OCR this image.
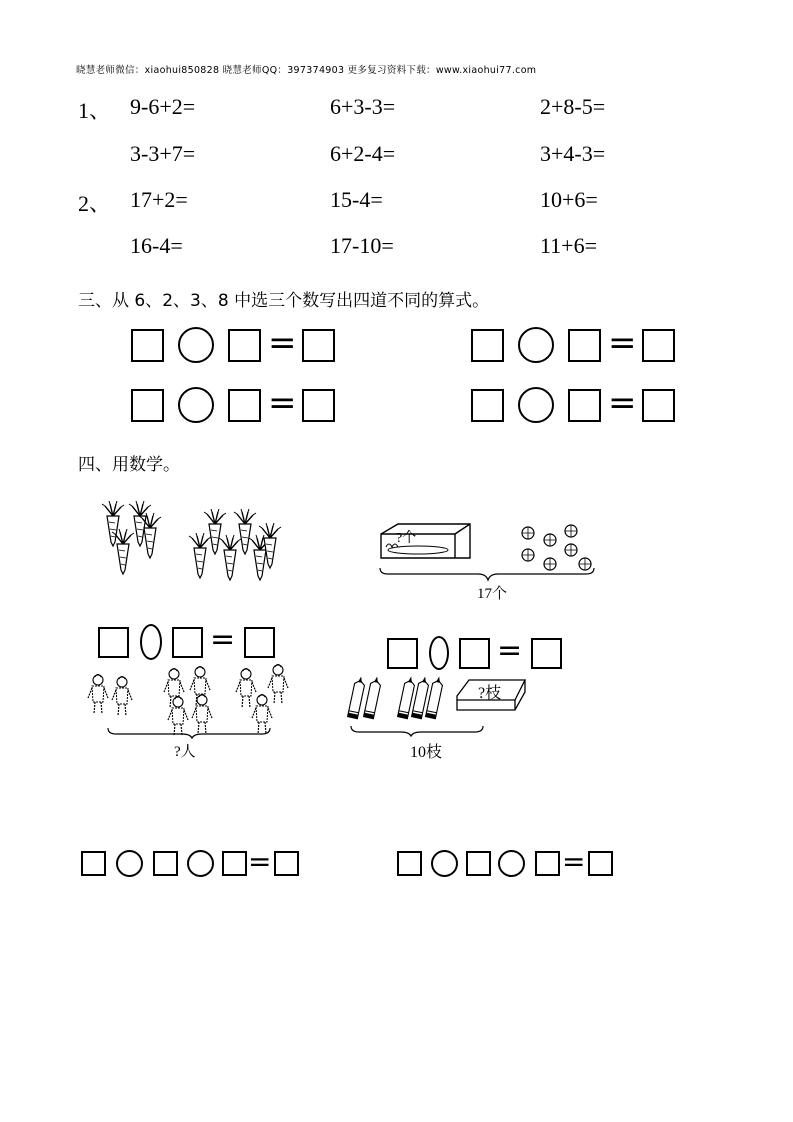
晓慧老师微信：xiaohui850828 晓慧老师QQ：397374903 更多复习资料下载：www.xiaohui77.com
1、 9-6+2=	6+3-3=	2+8-5=
3-3+7=	6+2-4=	3+4-3=
2、 17+2=	15-4=	10+6=
16-4=	17-10=	11+6=
三、从 6、2、3、8 中选三个数写出四道不同的算式。
=	=
=	=
四、用数学。
?个
17个
=
?人
=
?枝
10枝
=	=
